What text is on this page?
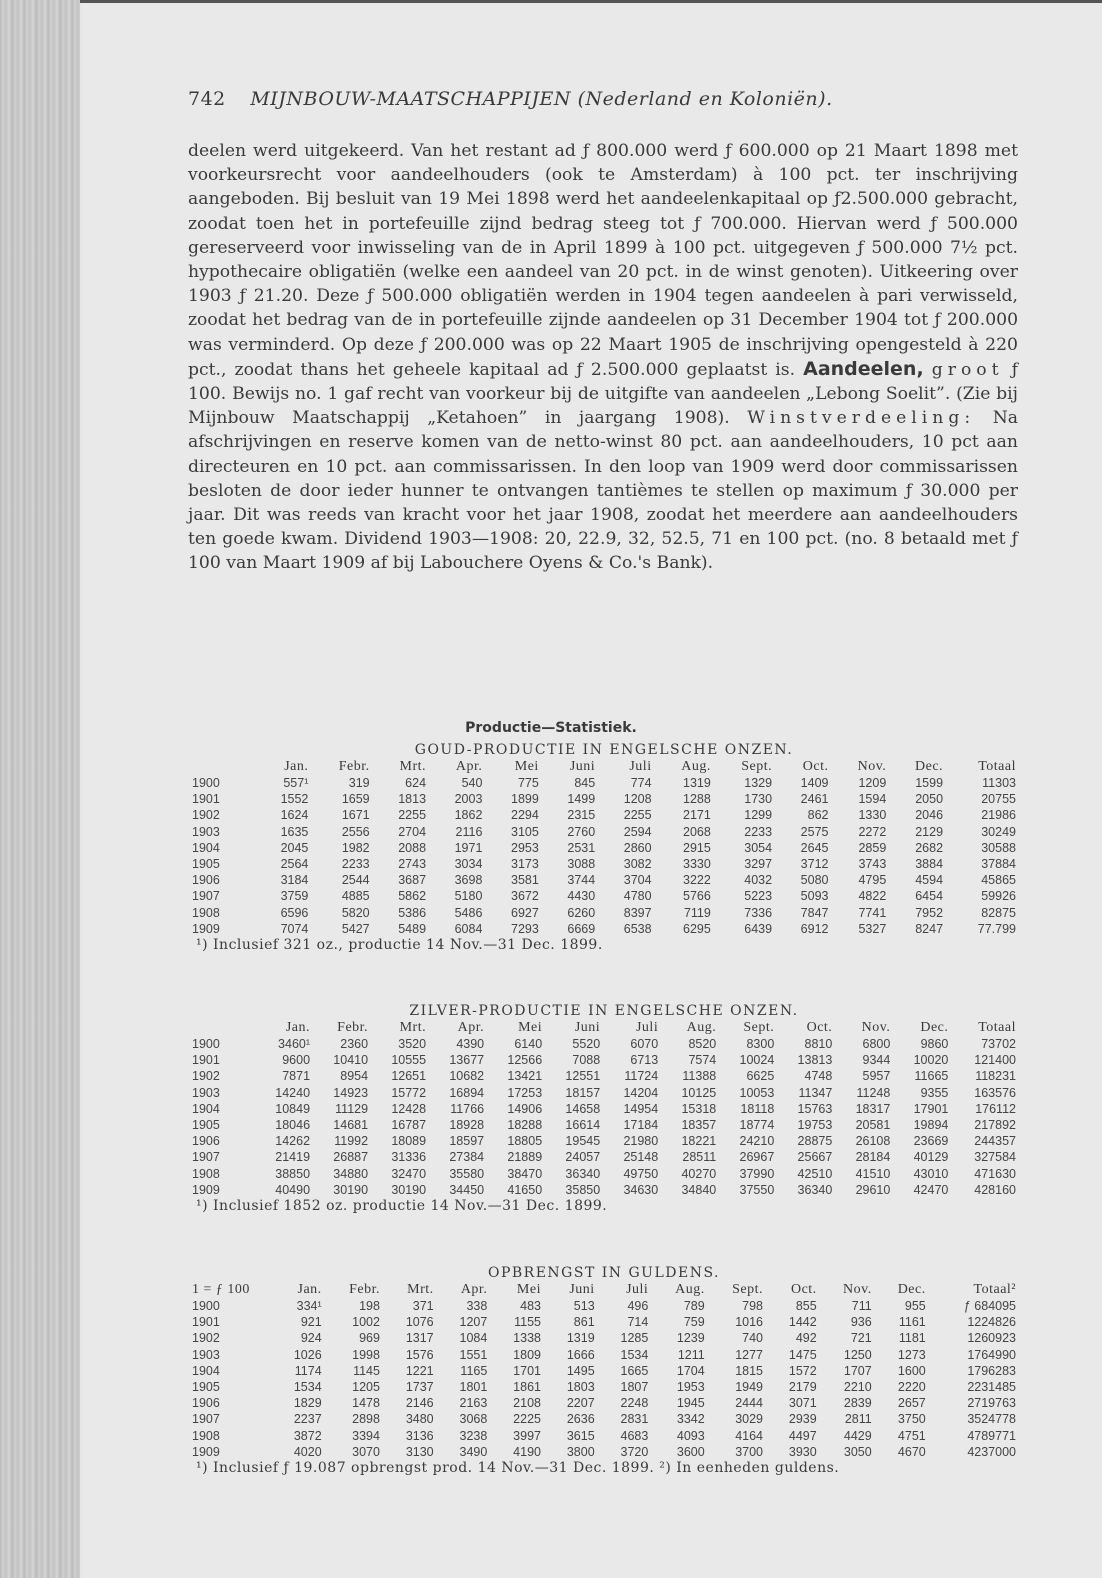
742 MIJNBOUW-MAATSCHAPPIJEN (Nederland en Koloniën).

deelen werd uitgekeerd. Van het restant ad ƒ 800.000 werd ƒ 600.000 op 21 Maart 1898 met voorkeursrecht voor aandeelhouders (ook te Amsterdam) à 100 pct. ter inschrijving aangeboden. Bij besluit van 19 Mei 1898 werd het aandeelenkapitaal op ƒ2.500.000 gebracht, zoodat toen het in portefeuille zijnd bedrag steeg tot ƒ 700.000. Hiervan werd ƒ 500.000 gereserveerd voor inwisseling van de in April 1899 à 100 pct. uitgegeven ƒ 500.000 7½ pct. hypothecaire obligatiën (welke een aandeel van 20 pct. in de winst genoten). Uitkeering over 1903 ƒ 21.20. Deze ƒ 500.000 obligatiën werden in 1904 tegen aandeelen à pari verwisseld, zoodat het bedrag van de in portefeuille zijnde aandeelen op 31 December 1904 tot ƒ 200.000 was verminderd. Op deze ƒ 200.000 was op 22 Maart 1905 de inschrijving opengesteld à 220 pct., zoodat thans het geheele kapitaal ad ƒ 2.500.000 geplaatst is. Aandeelen, groot ƒ 100. Bewijs no. 1 gaf recht van voorkeur bij de uitgifte van aandeelen „Lebong Soelit”. (Zie bij Mijnbouw Maatschappij „Ketahoen” in jaargang 1908). Winstverdeeling: Na afschrijvingen en reserve komen van de netto-winst 80 pct. aan aandeelhouders, 10 pct aan directeuren en 10 pct. aan commissarissen. In den loop van 1909 werd door commissarissen besloten de door ieder hunner te ontvangen tantièmes te stellen op maximum ƒ 30.000 per jaar. Dit was reeds van kracht voor het jaar 1908, zoodat het meerdere aan aandeelhouders ten goede kwam. Dividend 1903—1908: 20, 22.9, 32, 52.5, 71 en 100 pct. (no. 8 betaald met ƒ 100 van Maart 1909 af bij Labouchere Oyens & Co.'s Bank).

Productie—Statistiek.
GOUD-PRODUCTIE IN ENGELSCHE ONZEN.
	Jan.	Febr.	Mrt.	Apr.	Mei	Juni	Juli	Aug.	Sept.	Oct.	Nov.	Dec.	Totaal
1900	557¹	319	624	540	775	845	774	1319	1329	1409	1209	1599	11303
1901	1552	1659	1813	2003	1899	1499	1208	1288	1730	2461	1594	2050	20755
1902	1624	1671	2255	1862	2294	2315	2255	2171	1299	862	1330	2046	21986
1903	1635	2556	2704	2116	3105	2760	2594	2068	2233	2575	2272	2129	30249
1904	2045	1982	2088	1971	2953	2531	2860	2915	3054	2645	2859	2682	30588
1905	2564	2233	2743	3034	3173	3088	3082	3330	3297	3712	3743	3884	37884
1906	3184	2544	3687	3698	3581	3744	3704	3222	4032	5080	4795	4594	45865
1907	3759	4885	5862	5180	3672	4430	4780	5766	5223	5093	4822	6454	59926
1908	6596	5820	5386	5486	6927	6260	8397	7119	7336	7847	7741	7952	82875
1909	7074	5427	5489	6084	7293	6669	6538	6295	6439	6912	5327	8247	77.799
¹) Inclusief 321 oz., productie 14 Nov.—31 Dec. 1899.
ZILVER-PRODUCTIE IN ENGELSCHE ONZEN.
	Jan.	Febr.	Mrt.	Apr.	Mei	Juni	Juli	Aug.	Sept.	Oct.	Nov.	Dec.	Totaal
1900	3460¹	2360	3520	4390	6140	5520	6070	8520	8300	8810	6800	9860	73702
1901	9600	10410	10555	13677	12566	7088	6713	7574	10024	13813	9344	10020	121400
1902	7871	8954	12651	10682	13421	12551	11724	11388	6625	4748	5957	11665	118231
1903	14240	14923	15772	16894	17253	18157	14204	10125	10053	11347	11248	9355	163576
1904	10849	11129	12428	11766	14906	14658	14954	15318	18118	15763	18317	17901	176112
1905	18046	14681	16787	18928	18288	16614	17184	18357	18774	19753	20581	19894	217892
1906	14262	11992	18089	18597	18805	19545	21980	18221	24210	28875	26108	23669	244357
1907	21419	26887	31336	27384	21889	24057	25148	28511	26967	25667	28184	40129	327584
1908	38850	34880	32470	35580	38470	36340	49750	40270	37990	42510	41510	43010	471630
1909	40490	30190	30190	34450	41650	35850	34630	34840	37550	36340	29610	42470	428160
¹) Inclusief 1852 oz. productie 14 Nov.—31 Dec. 1899.
OPBRENGST IN GULDENS.
1 = ƒ 100	Jan.	Febr.	Mrt.	Apr.	Mei	Juni	Juli	Aug.	Sept.	Oct.	Nov.	Dec.	Totaal²
1900	334¹	198	371	338	483	513	496	789	798	855	711	955	ƒ 684095
1901	921	1002	1076	1207	1155	861	714	759	1016	1442	936	1161	1224826
1902	924	969	1317	1084	1338	1319	1285	1239	740	492	721	1181	1260923
1903	1026	1998	1576	1551	1809	1666	1534	1211	1277	1475	1250	1273	1764990
1904	1174	1145	1221	1165	1701	1495	1665	1704	1815	1572	1707	1600	1796283
1905	1534	1205	1737	1801	1861	1803	1807	1953	1949	2179	2210	2220	2231485
1906	1829	1478	2146	2163	2108	2207	2248	1945	2444	3071	2839	2657	2719763
1907	2237	2898	3480	3068	2225	2636	2831	3342	3029	2939	2811	3750	3524778
1908	3872	3394	3136	3238	3997	3615	4683	4093	4164	4497	4429	4751	4789771
1909	4020	3070	3130	3490	4190	3800	3720	3600	3700	3930	3050	4670	4237000
¹) Inclusief ƒ 19.087 opbrengst prod. 14 Nov.—31 Dec. 1899. ²) In eenheden guldens.
